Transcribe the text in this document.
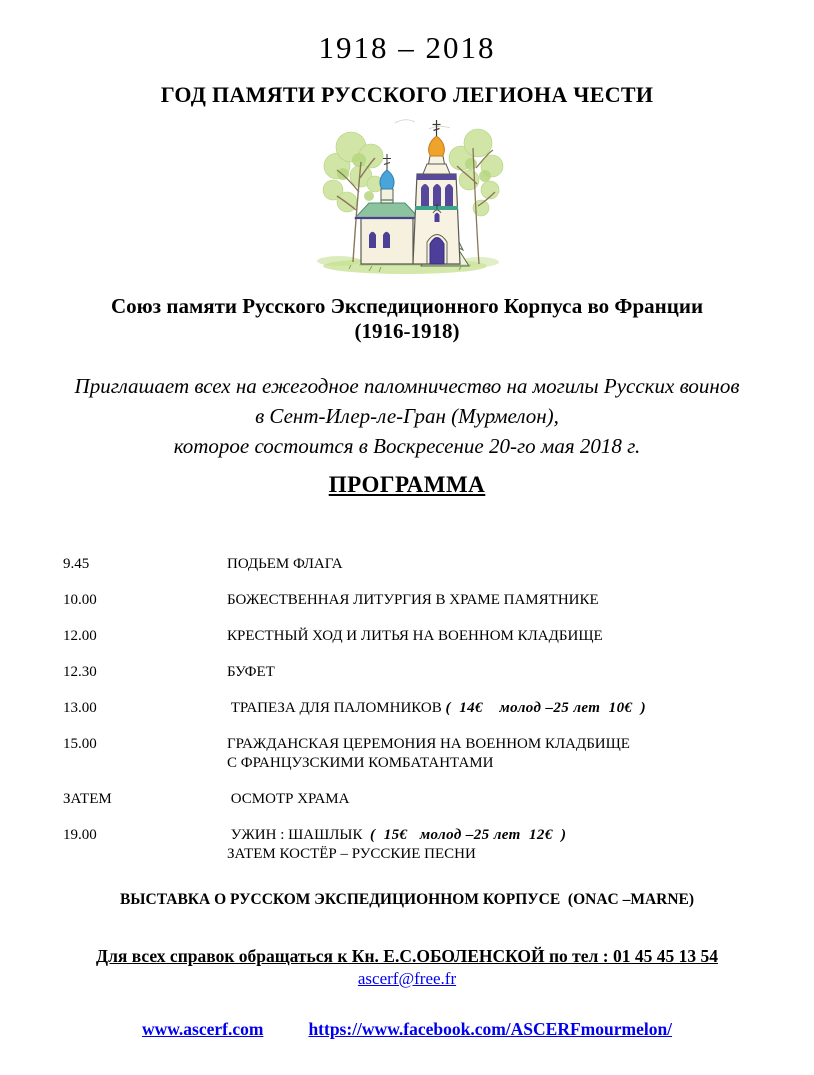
1918 – 2018
ГОД ПАМЯТИ РУССКОГО ЛЕГИОНА ЧЕСТИ
Союз памяти Русского Экспедиционного Корпуса во Франции
(1916-1918)
Приглашает всех на ежегодное паломничество на могилы Русских воинов
в Сент-Илер-ле-Гран (Мурмелон),
которое состоится в Воскресение 20-го мая 2018 г.
ПРОГРАММА
9.45	ПОДЬЕМ ФЛАГА
10.00	БОЖЕСТВЕННАЯ ЛИТУРГИЯ В ХРАМЕ ПАМЯТНИКЕ
12.00	КРЕСТНЫЙ ХОД И ЛИТЬЯ НА ВОЕННОМ КЛАДБИЩЕ
12.30	БУФЕТ
13.00	ТРАПЕЗА ДЛЯ ПАЛОМНИКОВ (  14€    молод –25 лет  10€  )
15.00	ГРАЖДАНСКАЯ ЦЕРЕМОНИЯ НА ВОЕННОМ КЛАДБИЩЕ
С ФРАНЦУЗСКИМИ КОМБАТАНТАМИ
ЗАТЕМ	ОСМОТР ХРАМА
19.00	УЖИН : ШАШЛЫК  (  15€   молод –25 лет  12€  )
ЗАТЕМ КОСТЁР – РУССКИЕ ПЕСНИ
ВЫСТАВКА О РУССКОМ ЭКСПЕДИЦИОННОМ КОРПУСЕ  (ONAC –MARNE)
Для всех справок обращаться к Кн. Е.С.ОБОЛЕНСКОЙ по тел : 01 45 45 13 54
ascerf@free.fr
www.ascerf.com	https://www.facebook.com/ASCERFmourmelon/
